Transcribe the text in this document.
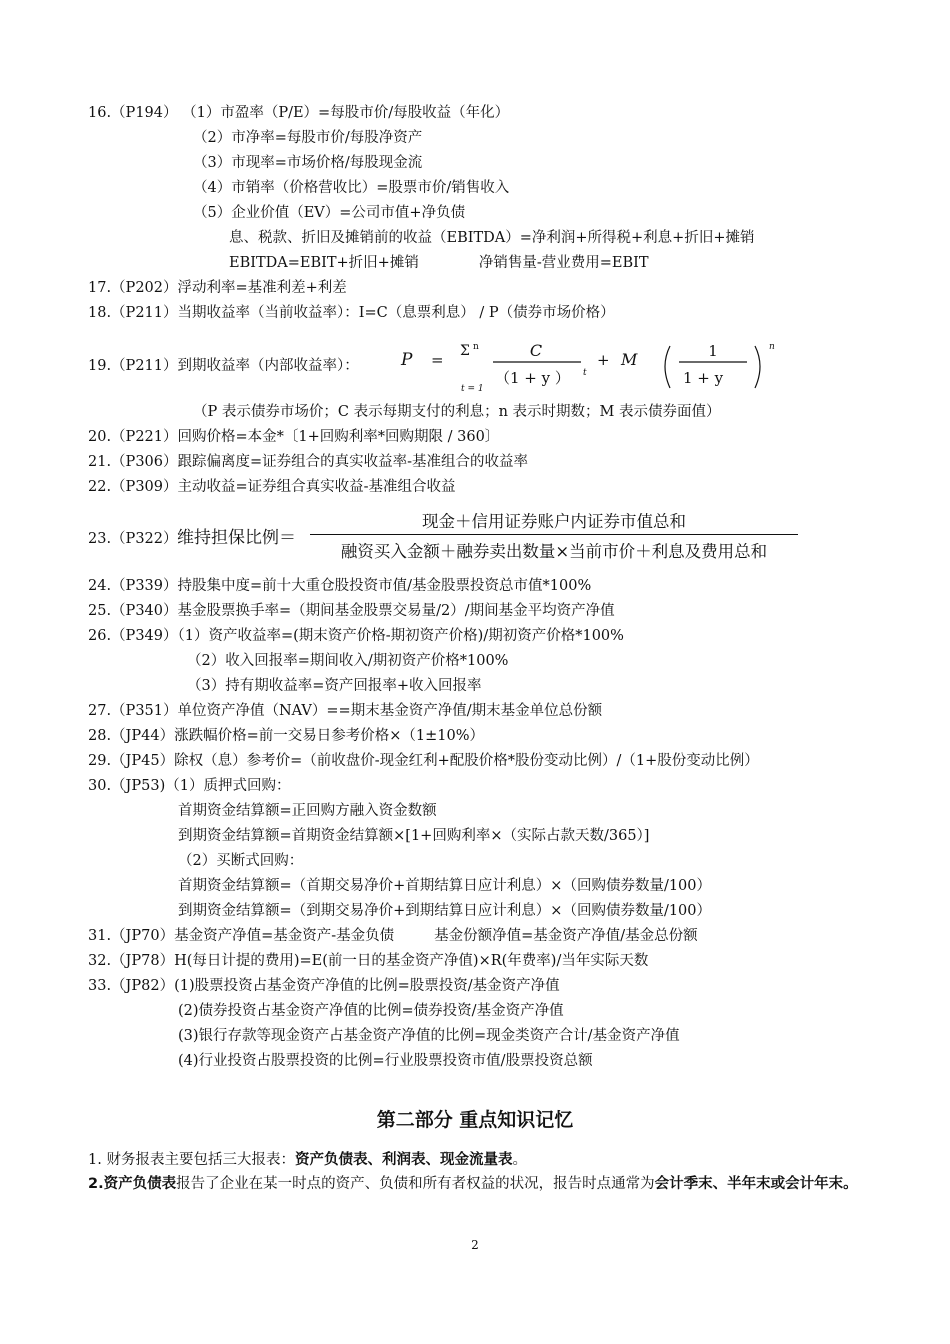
16.（P194） （1）市盈率（P/E）=每股市价/每股收益（年化）
（2）市净率=每股市价/每股净资产
（3）市现率=市场价格/每股现金流
（4）市销率（价格营收比）=股票市价/销售收入
（5）企业价值（EV）=公司市值+净负债
息、税款、折旧及摊销前的收益（EBITDA）=净利润+所得税+利息+折旧+摊销
EBITDA=EBIT+折旧+摊销	净销售量-营业费用=EBIT
17.（P202）浮动利率=基准利差+利差
18.（P211）当期收益率（当前收益率）：I=C（息票利息） / P（债券市场价格）
19.（P211）到期收益率（内部收益率）： P = Σ n
t = 1
C
（1 + y ） t
+ M	1
1 + y
n
（P 表示债券市场价；C 表示每期支付的利息；n 表示时期数；M 表示债券面值）
20.（P221）回购价格=本金*〔1+回购利率*回购期限 / 360〕
21.（P306）跟踪偏离度=证券组合的真实收益率-基准组合的收益率
22.（P309）主动收益=证券组合真实收益-基准组合收益
23.（P322） 维持担保比例＝
现金＋信用证券账户内证券市值总和
融资买入金额＋融券卖出数量×当前市价＋利息及费用总和
24.（P339）持股集中度=前十大重仓股投资市值/基金股票投资总市值*100%
25.（P340）基金股票换手率=（期间基金股票交易量/2）/期间基金平均资产净值
26.（P349）（1）资产收益率=(期末资产价格-期初资产价格)/期初资产价格*100%
（2）收入回报率=期间收入/期初资产价格*100%
（3）持有期收益率=资产回报率+收入回报率
27.（P351）单位资产净值（NAV）==期末基金资产净值/期末基金单位总份额
28.（JP44）涨跌幅价格=前一交易日参考价格×（1±10%）
29.（JP45）除权（息）参考价=（前收盘价-现金红利+配股价格*股份变动比例）/（1+股份变动比例）
30.（JP53)（1）质押式回购：
首期资金结算额=正回购方融入资金数额
到期资金结算额=首期资金结算额×[1+回购利率×（实际占款天数/365）]
（2）买断式回购：
首期资金结算额=（首期交易净价+首期结算日应计利息）×（回购债券数量/100）
到期资金结算额=（到期交易净价+到期结算日应计利息）×（回购债券数量/100）
31.（JP70）基金资产净值=基金资产-基金负债	基金份额净值=基金资产净值/基金总份额
32.（JP78）H(每日计提的费用)=E(前一日的基金资产净值)×R(年费率)/当年实际天数
33.（JP82）(1)股票投资占基金资产净值的比例=股票投资/基金资产净值
(2)债券投资占基金资产净值的比例=债券投资/基金资产净值
(3)银行存款等现金资产占基金资产净值的比例=现金类资产合计/基金资产净值
(4)行业投资占股票投资的比例=行业股票投资市值/股票投资总额
第二部分 重点知识记忆
1. 财务报表主要包括三大报表：资产负债表、利润表、现金流量表。
2.资产负债表报告了企业在某一时点的资产、负债和所有者权益的状况，报告时点通常为会计季末、半年末或会计年末。
2
